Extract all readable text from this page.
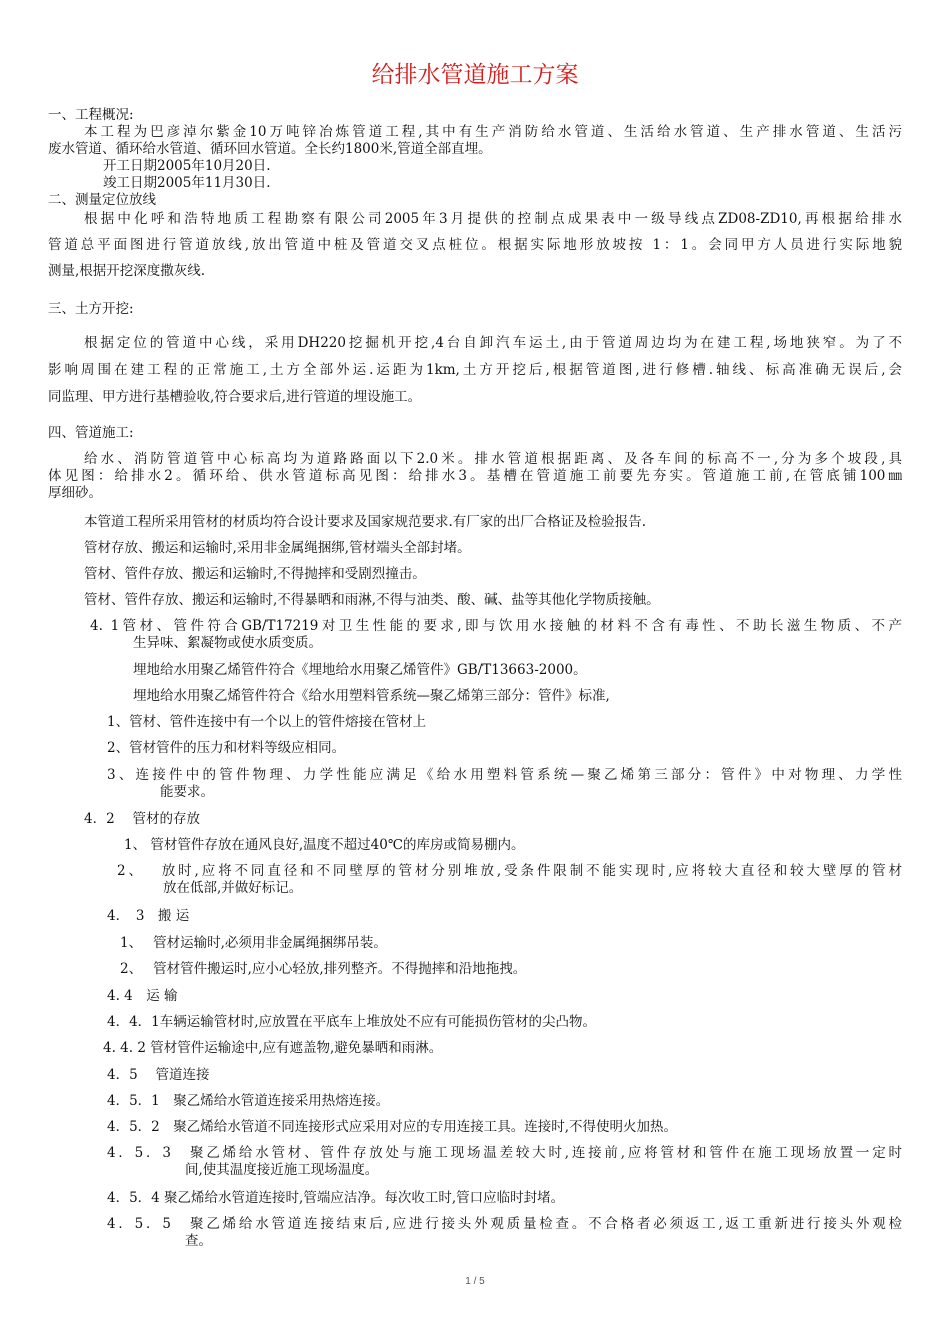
给排水管道施工方案
一、工程概况:
本工程为巴彦淖尔紫金10万吨锌冶炼管道工程,其中有生产消防给水管道、生活给水管道、生产排水管道、生活污
废水管道、循环给水管道、循环回水管道。全长约1800米,管道全部直埋。
开工日期2005年10月20日.
竣工日期2005年11月30日.
二、测量定位放线
根据中化呼和浩特地质工程勘察有限公司2005年3月提供的控制点成果表中一级导线点ZD08-ZD10,再根据给排水
管道总平面图进行管道放线,放出管道中桩及管道交叉点桩位。根据实际地形放坡按 1：1。会同甲方人员进行实际地貌
测量,根据开挖深度撒灰线.
三、土方开挖:
根据定位的管道中心线，采用DH220挖掘机开挖,4台自卸汽车运土,由于管道周边均为在建工程,场地狭窄。为了不
影响周围在建工程的正常施工,土方全部外运.运距为1km,土方开挖后,根据管道图,进行修槽.轴线、标高准确无误后,会
同监理、甲方进行基槽验收,符合要求后,进行管道的埋设施工。
四、管道施工:
给水、消防管道管中心标高均为道路路面以下2.0米。排水管道根据距离、及各车间的标高不一,分为多个坡段,具
体见图：给排水2。循环给、供水管道标高见图：给排水3。基槽在管道施工前要先夯实。管道施工前,在管底铺100㎜
厚细砂。
本管道工程所采用管材的材质均符合设计要求及国家规范要求.有厂家的出厂合格证及检验报告.
管材存放、搬运和运输时,采用非金属绳捆绑,管材端头全部封堵。
管材、管件存放、搬运和运输时,不得抛摔和受剧烈撞击。
管材、管件存放、搬运和运输时,不得暴晒和雨淋,不得与油类、酸、碱、盐等其他化学物质接触。
4. 1管材、管件符合GB/T17219对卫生性能的要求,即与饮用水接触的材料不含有毒性、不助长滋生物质、不产
生异味、絮凝物或使水质变质。
埋地给水用聚乙烯管件符合《埋地给水用聚乙烯管件》GB/T13663-2000。
埋地给水用聚乙烯管件符合《给水用塑料管系统—聚乙烯第三部分：管件》标准,
1、管材、管件连接中有一个以上的管件熔接在管材上
2、管材管件的压力和材料等级应相同。
3、连接件中的管件物理、力学性能应满足《给水用塑料管系统—聚乙烯第三部分：管件》中对物理、力学性
能要求。
4．2　 管材的存放
1、 管材管件存放在通风良好,温度不超过40℃的库房或简易棚内。
2、　 放时,应将不同直径和不同壁厚的管材分别堆放,受条件限制不能实现时,应将较大直径和较大壁厚的管材
放在低部,并做好标记。
4．　3　搬 运
1、　 管材运输时,必须用非金属绳捆绑吊装。
2、　 管材管件搬运时,应小心轻放,排列整齐。不得抛摔和沿地拖拽。
4. 4　运 输
4．4．1车辆运输管材时,应放置在平底车上堆放处不应有可能损伤管材的尖凸物。
4. 4. 2 管材管件运输途中,应有遮盖物,避免暴晒和雨淋。
4．5　 管道连接
4．5．1　聚乙烯给水管道连接采用热熔连接。
4．5．2　聚乙烯给水管道不同连接形式应采用对应的专用连接工具。连接时,不得使明火加热。
4．5．3　聚乙烯给水管材、管件存放处与施工现场温差较大时,连接前,应将管材和管件在施工现场放置一定时
间,使其温度接近施工现场温度。
4．5．4 聚乙烯给水管道连接时,管端应洁净。每次收工时,管口应临时封堵。
4．5．5　聚乙烯给水管道连接结束后,应进行接头外观质量检查。不合格者必须返工,返工重新进行接头外观检
查。
1 / 5
